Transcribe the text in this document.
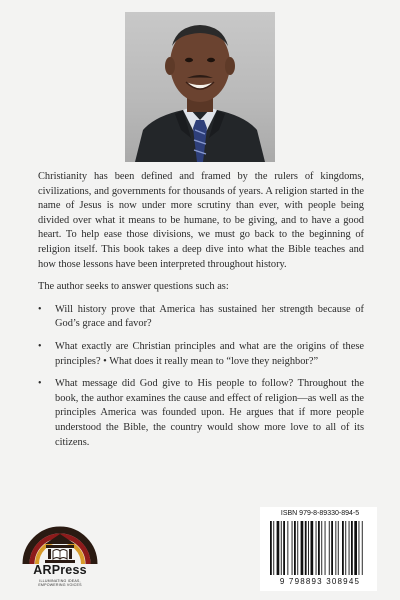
Christianity has been defined and framed by the rulers of kingdoms, civilizations, and governments for thousands of years. A religion started in the name of Jesus is now under more scrutiny than ever, with people being divided over what it means to be humane, to be giving, and to have a good heart. To help ease those divisions, we must go back to the beginning of religion itself. This book takes a deep dive into what the Bible teaches and how those lessons have been interpreted throughout history.

The author seeks to answer questions such as:

• Will history prove that America has sustained her strength because of God’s grace and favor?
• What exactly are Christian principles and what are the origins of these principles? • What does it really mean to “love they neighbor?”
• What message did God give to His people to follow? Throughout the book, the author examines the cause and effect of religion—as well as the principles America was founded upon. He argues that if more people understood the Bible, the country would show more love to all of its citizens.
ARPress
ILLUMINATING IDEAS,
EMPOWERING VOICES
ISBN 979-8-89330-894-5
9 798893 308945
